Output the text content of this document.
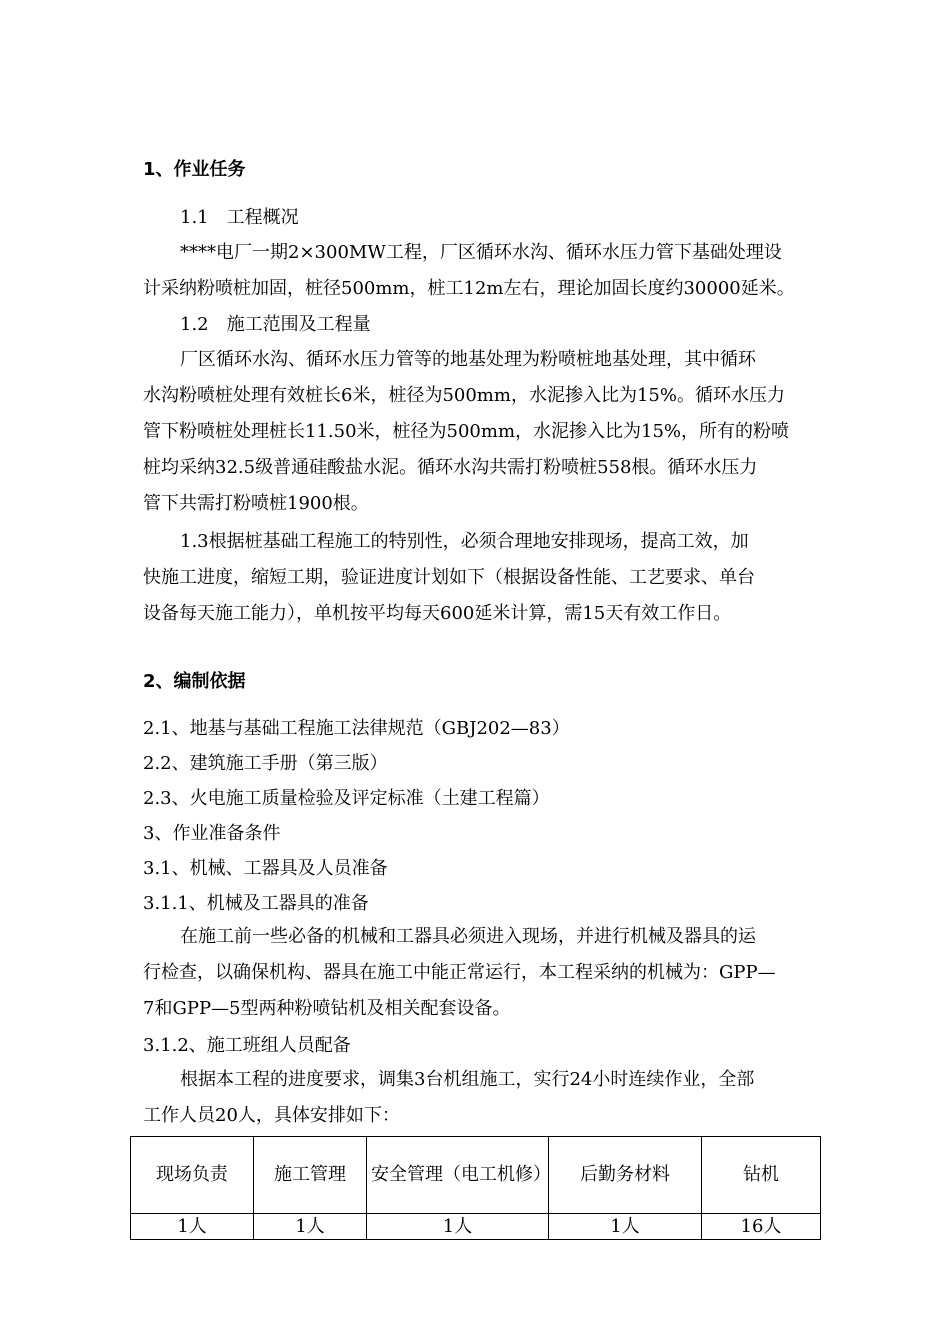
1、作业任务
1.1　工程概况
****电厂一期2×300MW工程，厂区循环水沟、循环水压力管下基础处理设
计采纳粉喷桩加固，桩径500mm，桩工12m左右，理论加固长度约30000延米。
1.2　施工范围及工程量
厂区循环水沟、循环水压力管等的地基处理为粉喷桩地基处理，其中循环
水沟粉喷桩处理有效桩长6米，桩径为500mm，水泥掺入比为15%。循环水压力
管下粉喷桩处理桩长11.50米，桩径为500mm，水泥掺入比为15%，所有的粉喷
桩均采纳32.5级普通硅酸盐水泥。循环水沟共需打粉喷桩558根。循环水压力
管下共需打粉喷桩1900根。
1.3根据桩基础工程施工的特别性，必须合理地安排现场，提高工效，加
快施工进度，缩短工期，验证进度计划如下（根据设备性能、工艺要求、单台
设备每天施工能力），单机按平均每天600延米计算，需15天有效工作日。
2、编制依据
2.1、地基与基础工程施工法律规范（GBJ202—83）
2.2、建筑施工手册（第三版）
2.3、火电施工质量检验及评定标准（土建工程篇）
3、作业准备条件
3.1、机械、工器具及人员准备
3.1.1、机械及工器具的准备
在施工前一些必备的机械和工器具必须进入现场，并进行机械及器具的运
行检查，以确保机构、器具在施工中能正常运行，本工程采纳的机械为：GPP—
7和GPP—5型两种粉喷钻机及相关配套设备。
3.1.2、施工班组人员配备
根据本工程的进度要求，调集3台机组施工，实行24小时连续作业，全部
工作人员20人，具体安排如下：
现场负责	施工管理	安全管理（电工机修）	后勤务材料	钻机
1人	1人	1人	1人	16人
